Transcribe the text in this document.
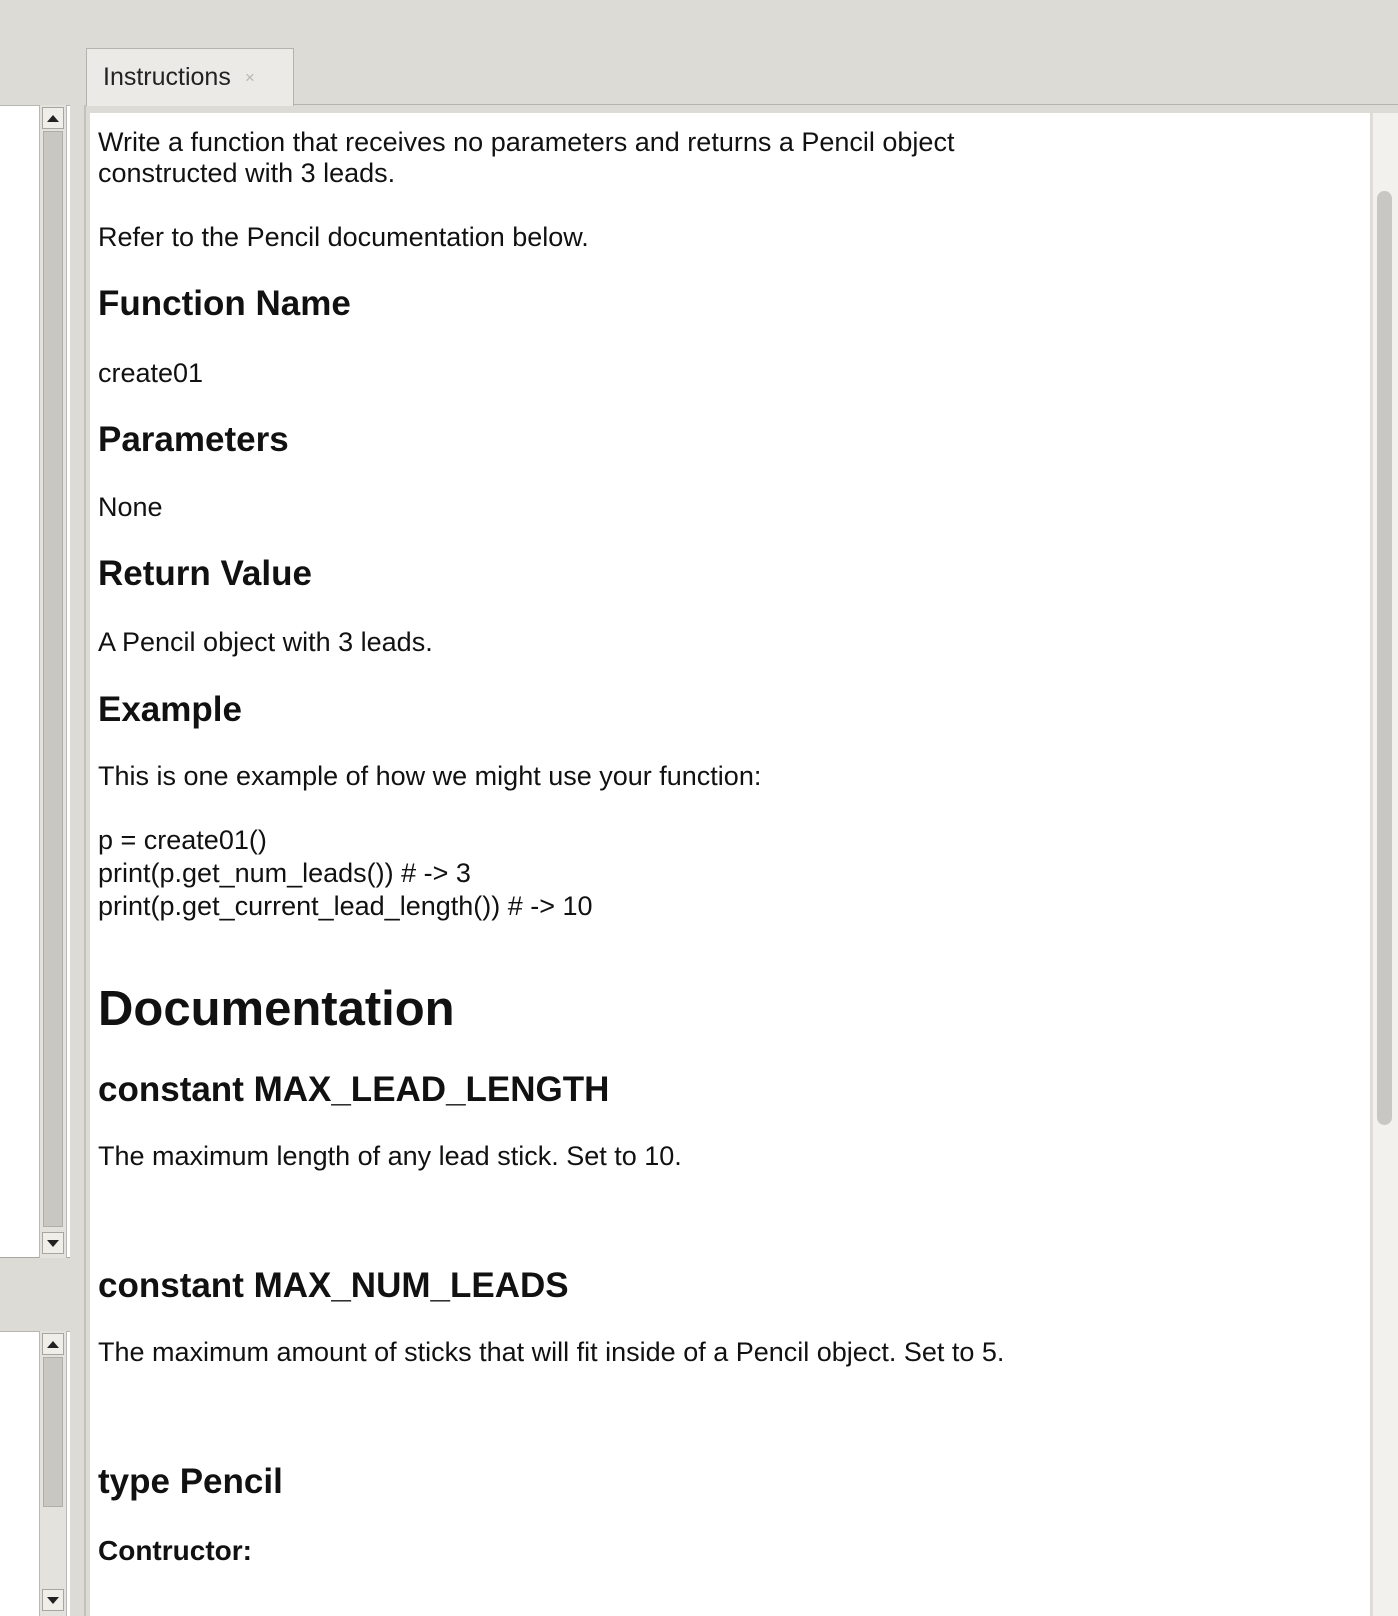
Instructions ×
Write a function that receives no parameters and returns a Pencil object
constructed with 3 leads.
Refer to the Pencil documentation below.
Function Name
create01
Parameters
None
Return Value
A Pencil object with 3 leads.
Example
This is one example of how we might use your function:
p = create01()
print(p.get_num_leads()) # -> 3
print(p.get_current_lead_length()) # -> 10
Documentation
constant MAX_LEAD_LENGTH
The maximum length of any lead stick. Set to 10.
constant MAX_NUM_LEADS
The maximum amount of sticks that will fit inside of a Pencil object. Set to 5.
type Pencil
Contructor:
